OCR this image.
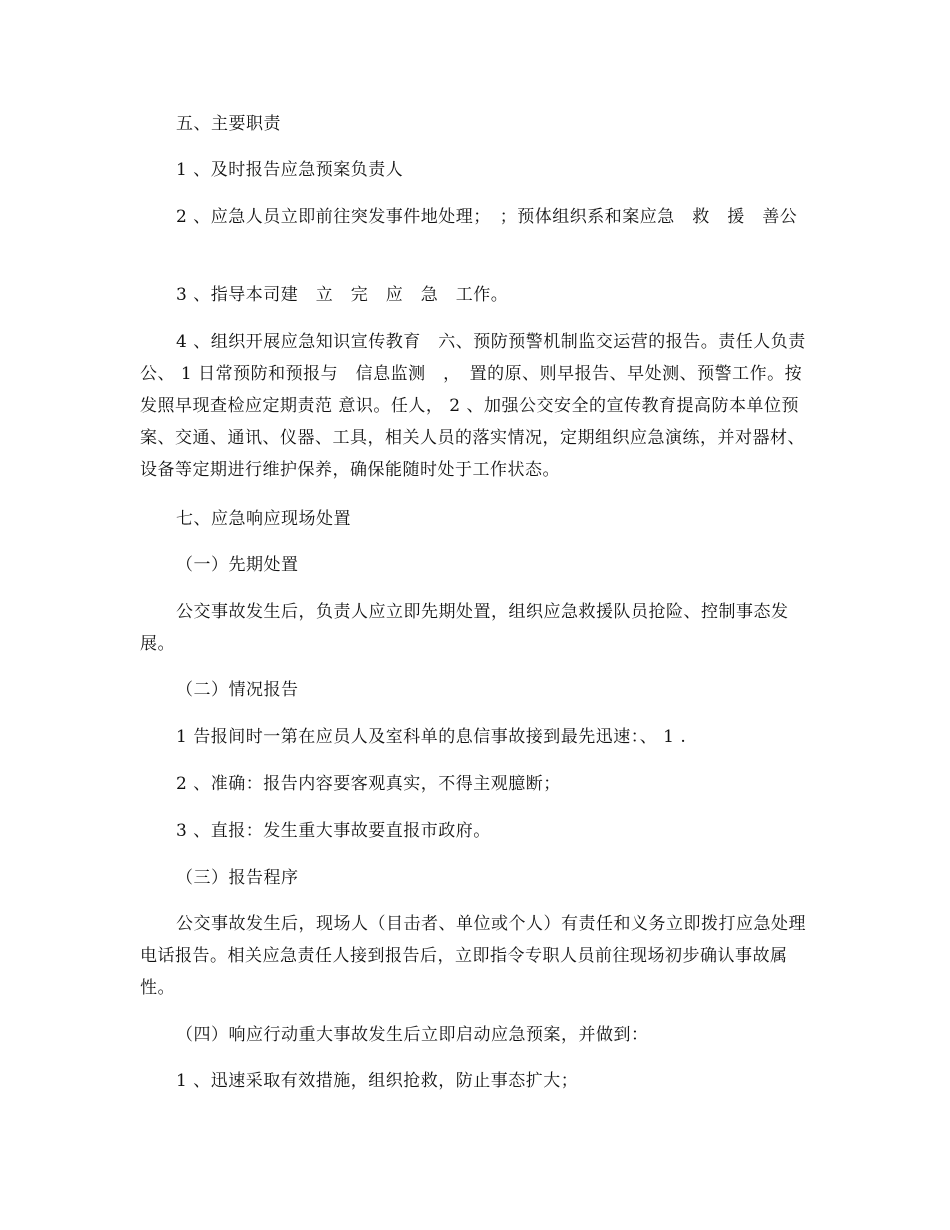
五、主要职责

1 、及时报告应急预案负责人

2 、应急人员立即前往突发事件地处理；　；预体组织系和案应急　救　援　善公

3 、指导本司建　立　完　应　急　工作。

4 、组织开展应急知识宣传教育　六、预防预警机制监交运营的报告。责任人负责公、 1 日常预防和预报与　信息监测　，　置的原、则早报告、早处测、预警工作。按发照早现查检应定期责范 意识。任人， 2 、加强公交安全的宣传教育提高防本单位预案、交通、通讯、仪器、工具，相关人员的落实情况，定期组织应急演练，并对器材、设备等定期进行维护保养，确保能随时处于工作状态。

七、应急响应现场处置

（一）先期处置

公交事故发生后，负责人应立即先期处置，组织应急救援队员抢险、控制事态发展。

（二）情况报告

1 告报间时一第在应员人及室科单的息信事故接到最先迅速：、 1 .

2 、准确：报告内容要客观真实，不得主观臆断；

3 、直报：发生重大事故要直报市政府。

（三）报告程序

公交事故发生后，现场人（目击者、单位或个人）有责任和义务立即拨打应急处理电话报告。相关应急责任人接到报告后，立即指令专职人员前往现场初步确认事故属性。

（四）响应行动重大事故发生后立即启动应急预案，并做到：

1 、迅速采取有效措施，组织抢救，防止事态扩大；
